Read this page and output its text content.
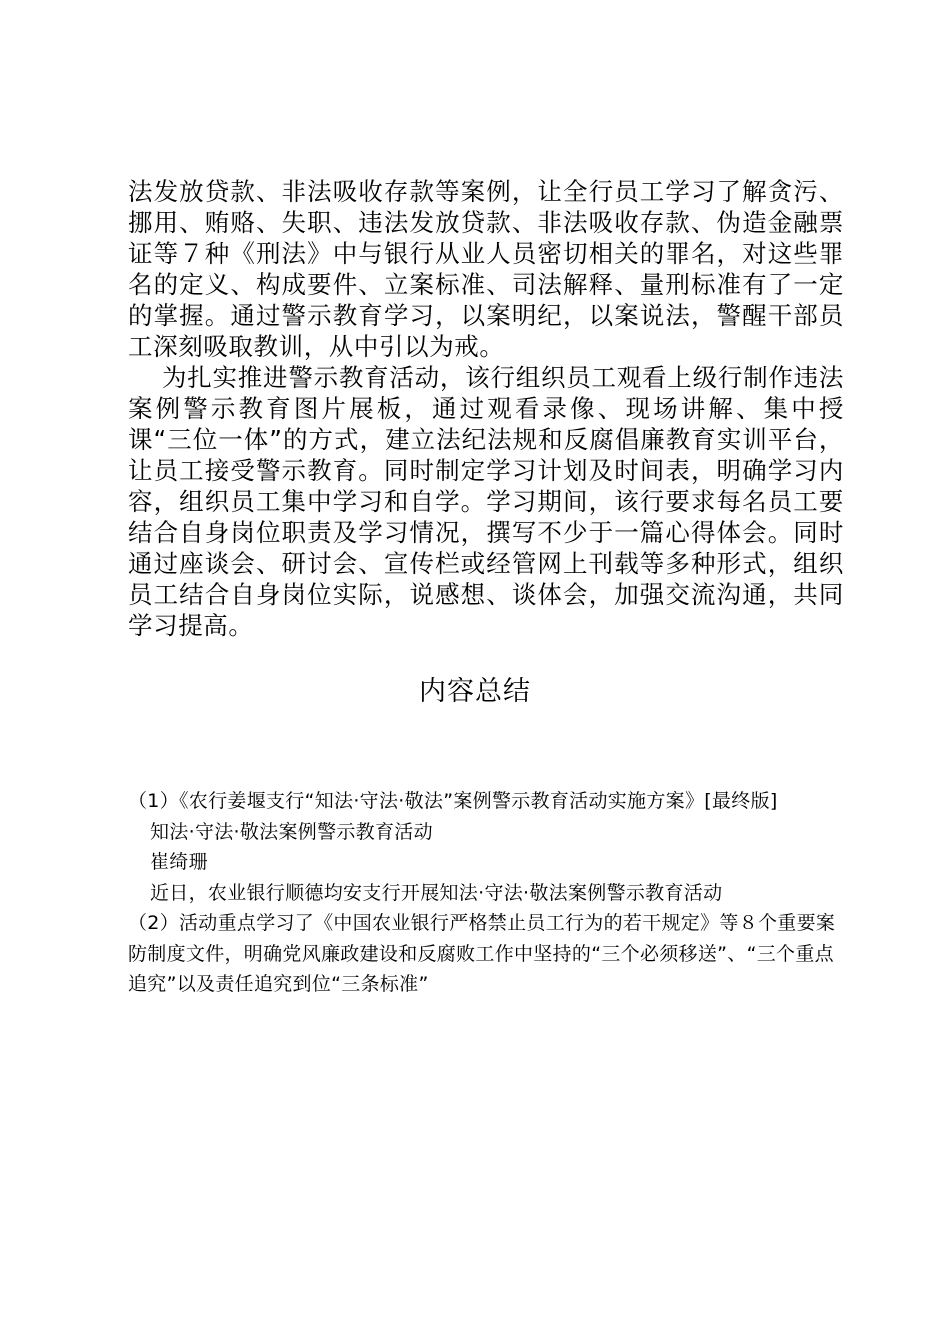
法发放贷款、非法吸收存款等案例，让全行员工学习了解贪污、挪用、贿赂、失职、违法发放贷款、非法吸收存款、伪造金融票证等７种《刑法》中与银行从业人员密切相关的罪名，对这些罪名的定义、构成要件、立案标准、司法解释、量刑标准有了一定的掌握。通过警示教育学习，以案明纪，以案说法，警醒干部员工深刻吸取教训，从中引以为戒。
为扎实推进警示教育活动，该行组织员工观看上级行制作违法案例警示教育图片展板，通过观看录像、现场讲解、集中授课“三位一体”的方式，建立法纪法规和反腐倡廉教育实训平台，让员工接受警示教育。同时制定学习计划及时间表，明确学习内容，组织员工集中学习和自学。学习期间，该行要求每名员工要结合自身岗位职责及学习情况，撰写不少于一篇心得体会。同时通过座谈会、研讨会、宣传栏或经管网上刊载等多种形式，组织员工结合自身岗位实际，说感想、谈体会，加强交流沟通，共同学习提高。
内容总结
（1）《农行姜堰支行“知法·守法·敬法”案例警示教育活动实施方案》[最终版]
知法·守法·敬法案例警示教育活动
崔绮珊
近日，农业银行顺德均安支行开展知法·守法·敬法案例警示教育活动
（2）活动重点学习了《中国农业银行严格禁止员工行为的若干规定》等８个重要案防制度文件，明确党风廉政建设和反腐败工作中坚持的“三个必须移送”、“三个重点追究”以及责任追究到位“三条标准”
